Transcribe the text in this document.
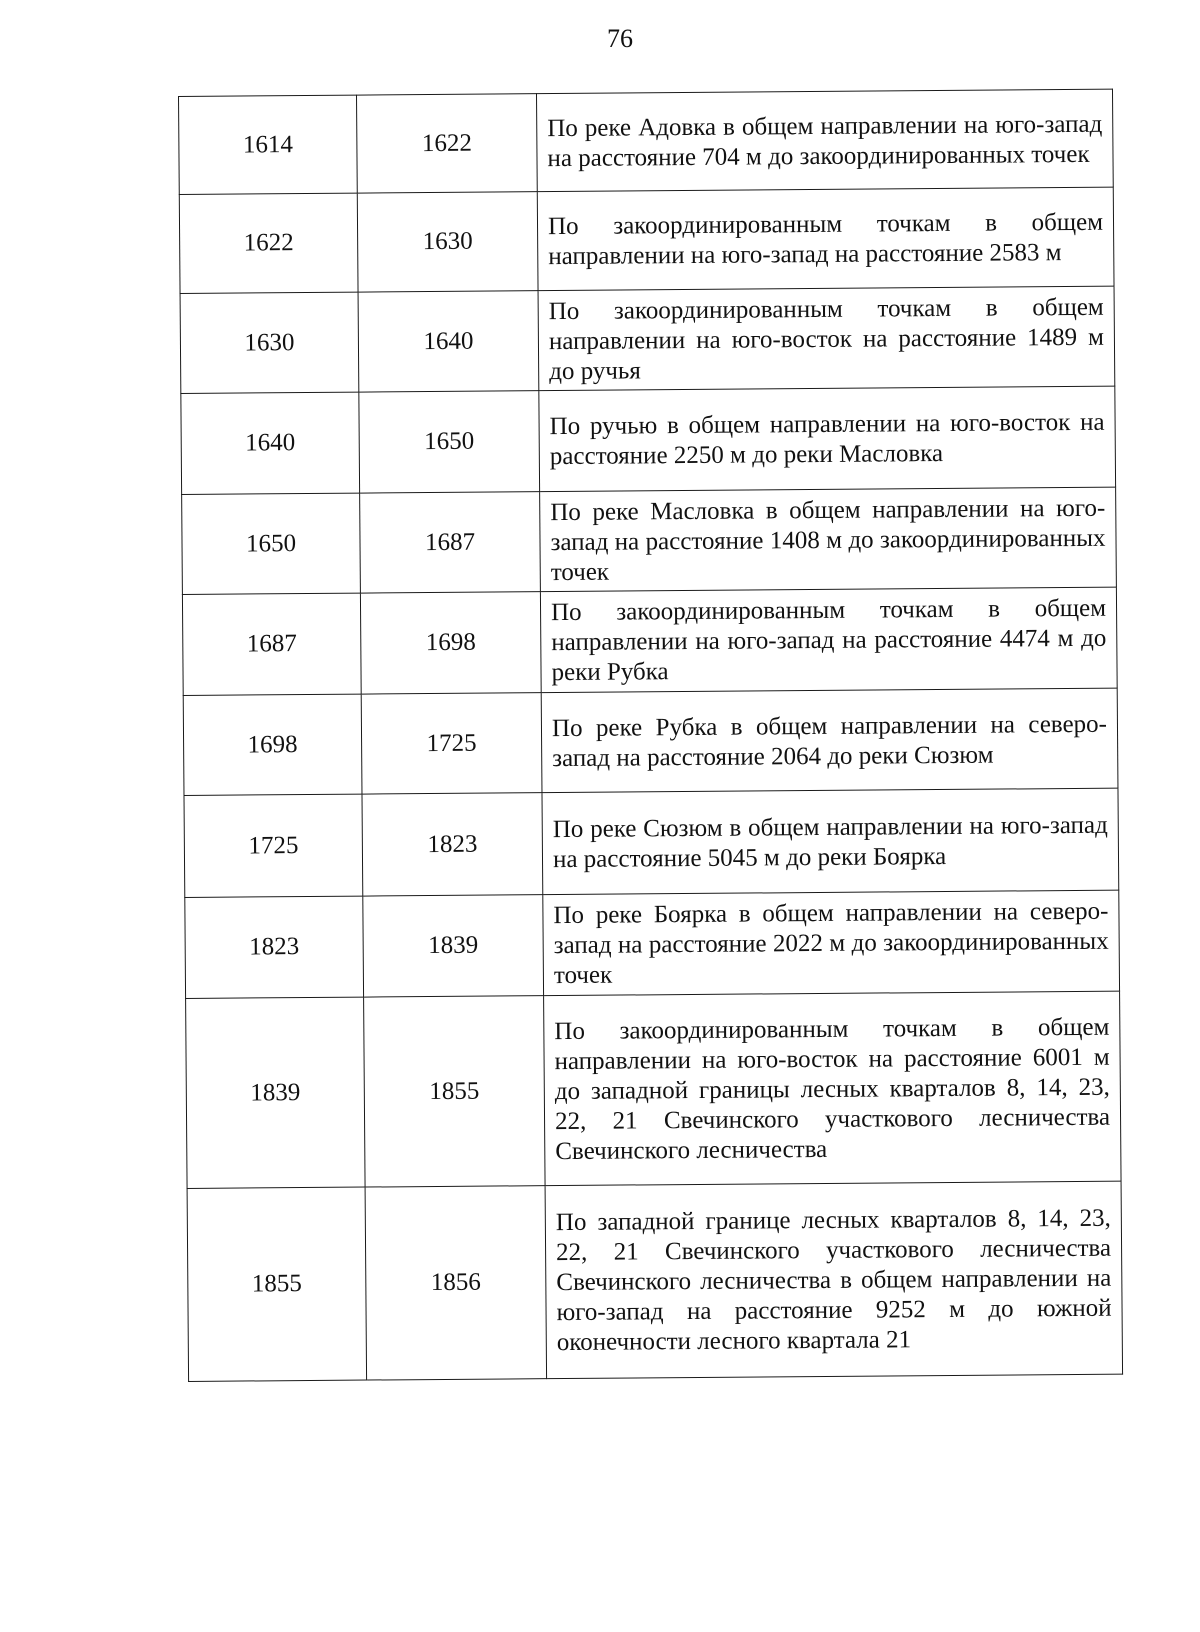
76
1614	1622	По реке Адовка в общем направлении на юго-запад на расстояние 704 м до закоординированных точек
1622	1630	По закоординированным точкам в общем направлении на юго-запад на расстояние 2583 м
1630	1640	По закоординированным точкам в общем направлении на юго-восток на расстояние 1489 м до ручья
1640	1650	По ручью в общем направлении на юго-восток на расстояние 2250 м до реки Масловка
1650	1687	По реке Масловка в общем направлении на юго-запад на расстояние 1408 м до закоординированных точек
1687	1698	По закоординированным точкам в общем направлении на юго-запад на расстояние 4474 м до реки Рубка
1698	1725	По реке Рубка в общем направлении на северо-запад на расстояние 2064 до реки Сюзюм
1725	1823	По реке Сюзюм в общем направлении на юго-запад на расстояние 5045 м до реки Боярка
1823	1839	По реке Боярка в общем направлении на северо-запад на расстояние 2022 м до закоординированных точек
1839	1855	По закоординированным точкам в общем направлении на юго-восток на расстояние 6001 м до западной границы лесных кварталов 8, 14, 23, 22, 21 Свечинского участкового лесничества Свечинского лесничества
1855	1856	По западной границе лесных кварталов 8, 14, 23, 22, 21 Свечинского участкового лесничества Свечинского лесничества в общем направлении на юго-запад на расстояние 9252 м до южной оконечности лесного квартала 21
